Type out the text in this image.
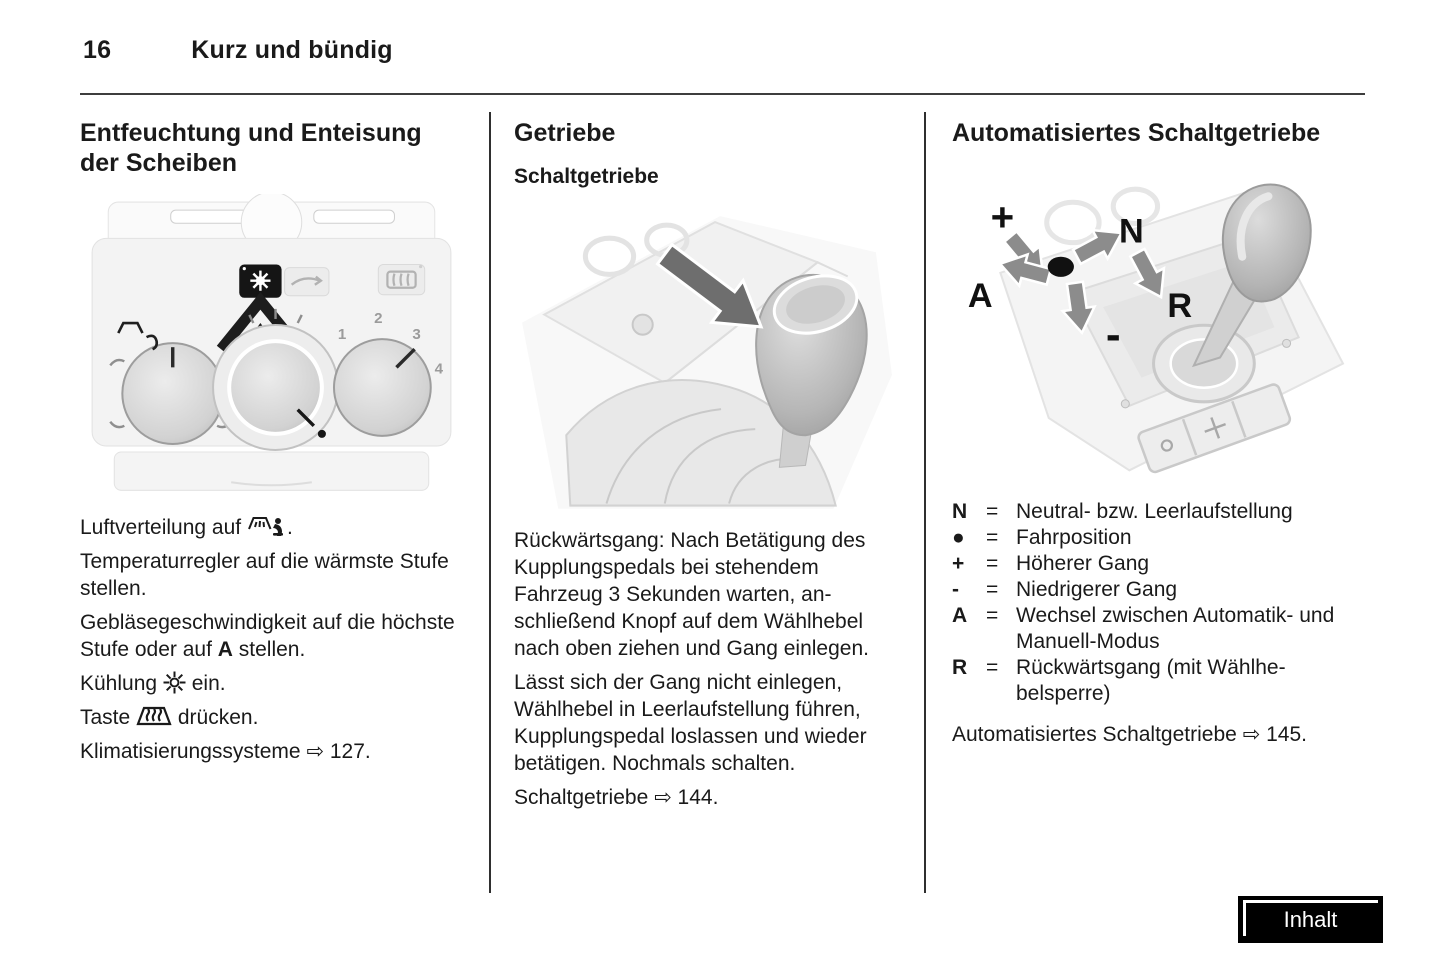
16	Kurz und bündig
Entfeuchtung und Enteisung der Scheiben
1
2
3
4

Luftverteilung auf .

Temperaturregler auf die wärmste Stufe stellen.

Gebläsegeschwindigkeit auf die höchste Stufe oder auf A stellen.

Kühlung  ein.

Taste  drücken.

Klimatisierungssysteme ⇨ 127.

Getriebe
Schaltgetriebe

Rückwärtsgang: Nach Betätigung des Kupplungspedals bei stehendem Fahrzeug 3 Sekunden warten, anschließend Knopf auf dem Wählhebel nach oben ziehen und Gang einlegen.

Lässt sich der Gang nicht einlegen, Wählhebel in Leerlaufstellung führen, Kupplungspedal loslassen und wieder betätigen. Nochmals schalten.

Schaltgetriebe ⇨ 144.

Automatisiertes Schaltgetriebe
+	N
A	R
-
N = Neutral- bzw. Leerlaufstellung
●	= Fahrposition
+	= Höherer Gang
-	= Niedrigerer Gang
A = Wechsel zwischen Automatik- und Manuell-Modus
R = Rückwärtsgang (mit Wählhebelsperre)

Automatisiertes Schaltgetriebe ⇨ 145.

Inhalt
